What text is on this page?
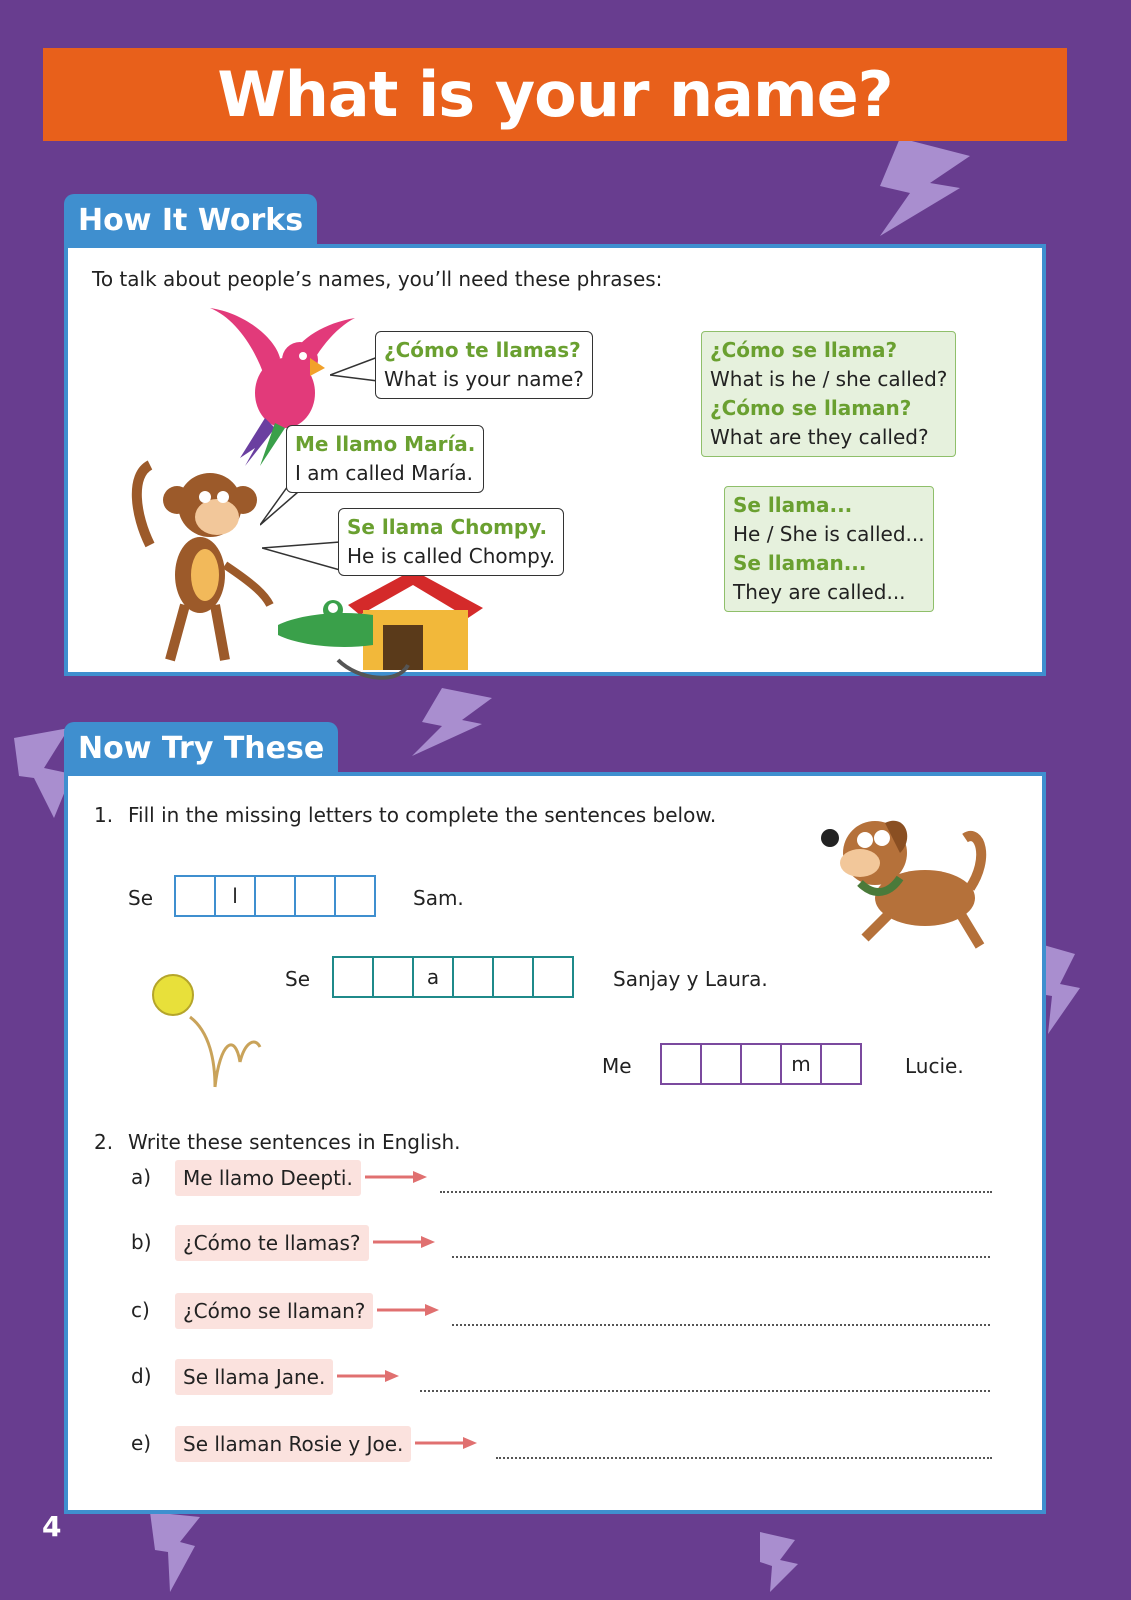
What is your name?
How It Works
To talk about people’s names, you’ll need these phrases:
¿Cómo te llamas?
What is your name?
Me llamo María.
I am called María.
Se llama Chompy.
He is called Chompy.
¿Cómo se llama?
What is he / she called?
¿Cómo se llaman?
What are they called?
Se llama...
He / She is called...
Se llaman...
They are called...
Now Try These
1. Fill in the missing letters to complete the sentences below.
Se	l	Sam.
Se	a	Sanjay y Laura.
Me	m	Lucie.
2. Write these sentences in English.
a)	Me llamo Deepti.
b)	¿Cómo te llamas?
c)	¿Cómo se llaman?
d)	Se llama Jane.
e)	Se llaman Rosie y Joe.
4
